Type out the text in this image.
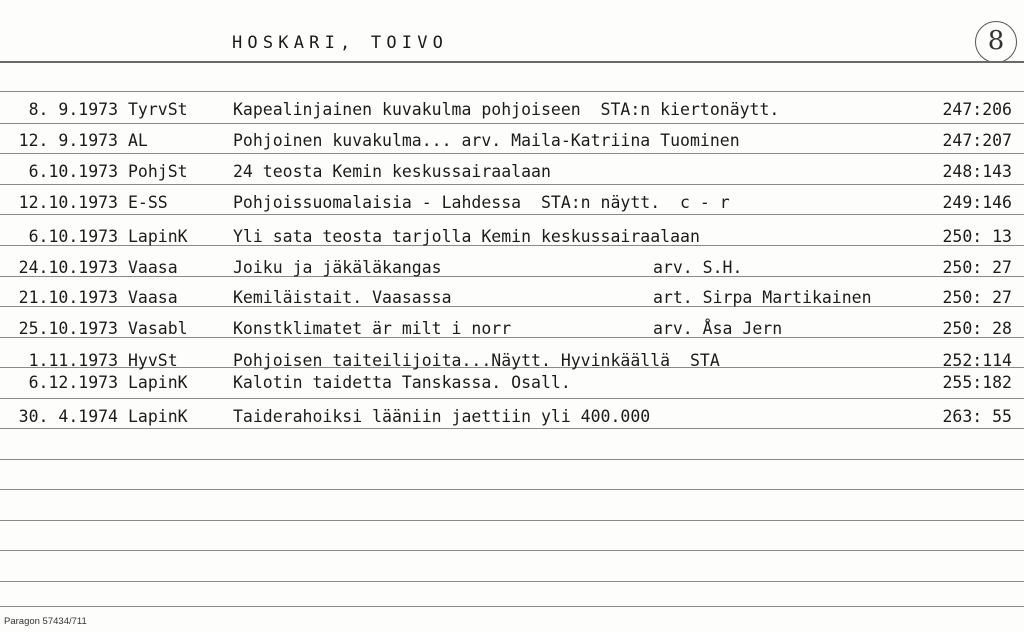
HOSKARI, TOIVO	8
8. 9.1973 TyrvSt	Kapealinjainen kuvakulma pohjoiseen  STA:n kiertonäytt.	247:206
12. 9.1973 AL	Pohjoinen kuvakulma... arv. Maila-Katriina Tuominen	247:207
6.10.1973 PohjSt	24 teosta Kemin keskussairaalaan	248:143
12.10.1973 E-SS	Pohjoissuomalaisia - Lahdessa  STA:n näytt.  c - r	249:146
6.10.1973 LapinK	Yli sata teosta tarjolla Kemin keskussairaalaan	250: 13
24.10.1973 Vaasa	Joiku ja jäkäläkangas	arv. S.H.	250: 27
21.10.1973 Vaasa	Kemiläistait. Vaasassa	art. Sirpa Martikainen	250: 27
25.10.1973 Vasabl	Konstklimatet är milt i norr	arv. Åsa Jern	250: 28
1.11.1973 HyvSt	Pohjoisen taiteilijoita...Näytt. Hyvinkäällä  STA	252:114
6.12.1973 LapinK	Kalotin taidetta Tanskassa. Osall.	255:182
30. 4.1974 LapinK	Taiderahoiksi lääniin jaettiin yli 400.000	263: 55
Paragon 57434/711
